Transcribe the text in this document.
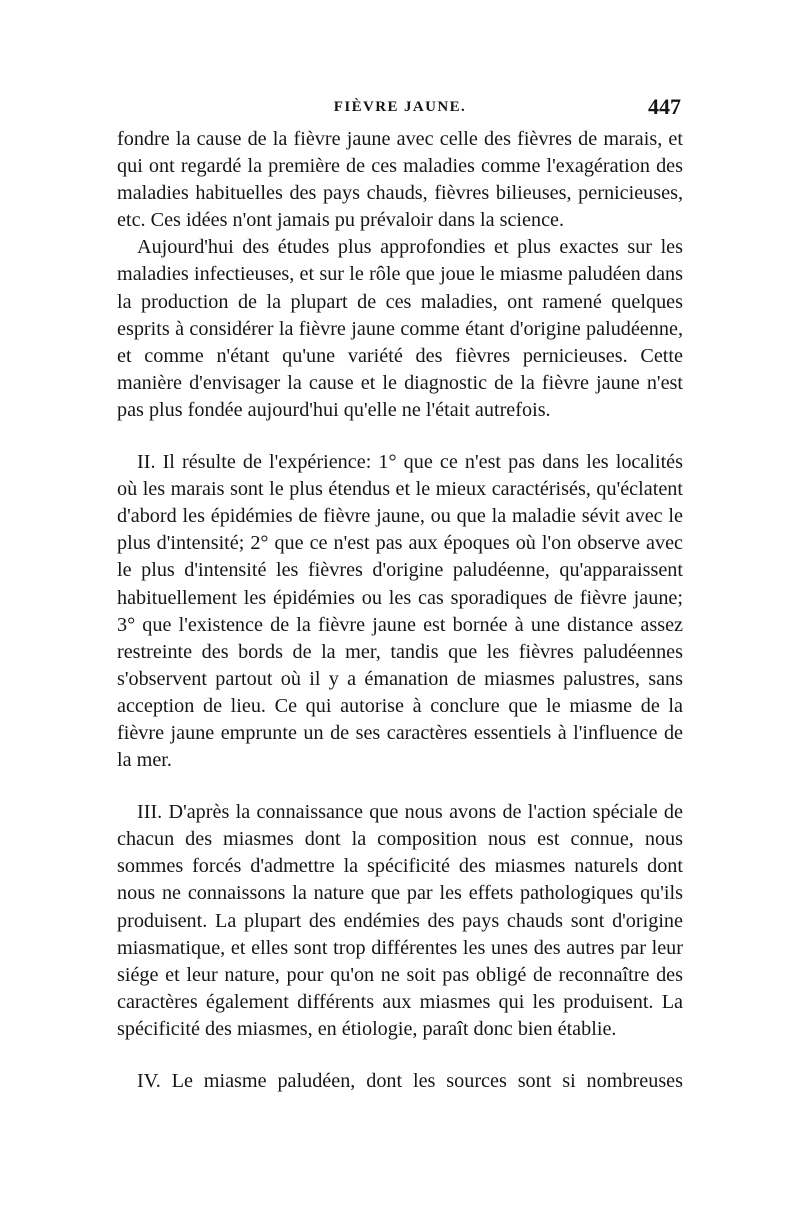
FIÈVRE JAUNE.	447

fondre la cause de la fièvre jaune avec celle des fièvres de marais, et qui ont regardé la première de ces maladies comme l'exagération des maladies habituelles des pays chauds, fièvres bilieuses, pernicieuses, etc. Ces idées n'ont jamais pu prévaloir dans la science.

Aujourd'hui des études plus approfondies et plus exactes sur les maladies infectieuses, et sur le rôle que joue le miasme paludéen dans la production de la plupart de ces maladies, ont ramené quelques esprits à considérer la fièvre jaune comme étant d'origine paludéenne, et comme n'étant qu'une variété des fièvres pernicieuses. Cette manière d'envisager la cause et le diagnostic de la fièvre jaune n'est pas plus fondée aujourd'hui qu'elle ne l'était autrefois.

II. Il résulte de l'expérience: 1° que ce n'est pas dans les localités où les marais sont le plus étendus et le mieux caractérisés, qu'éclatent d'abord les épidémies de fièvre jaune, ou que la maladie sévit avec le plus d'intensité; 2° que ce n'est pas aux époques où l'on observe avec le plus d'intensité les fièvres d'origine paludéenne, qu'apparaissent habituellement les épidémies ou les cas sporadiques de fièvre jaune; 3° que l'existence de la fièvre jaune est bornée à une distance assez restreinte des bords de la mer, tandis que les fièvres paludéennes s'observent partout où il y a émanation de miasmes palustres, sans acception de lieu. Ce qui autorise à conclure que le miasme de la fièvre jaune emprunte un de ses caractères essentiels à l'influence de la mer.

III. D'après la connaissance que nous avons de l'action spéciale de chacun des miasmes dont la composition nous est connue, nous sommes forcés d'admettre la spécificité des miasmes naturels dont nous ne connaissons la nature que par les effets pathologiques qu'ils produisent. La plupart des endémies des pays chauds sont d'origine miasmatique, et elles sont trop différentes les unes des autres par leur siége et leur nature, pour qu'on ne soit pas obligé de reconnaître des caractères également différents aux miasmes qui les produisent. La spécificité des miasmes, en étiologie, paraît donc bien établie.

IV. Le miasme paludéen, dont les sources sont si nombreuses
